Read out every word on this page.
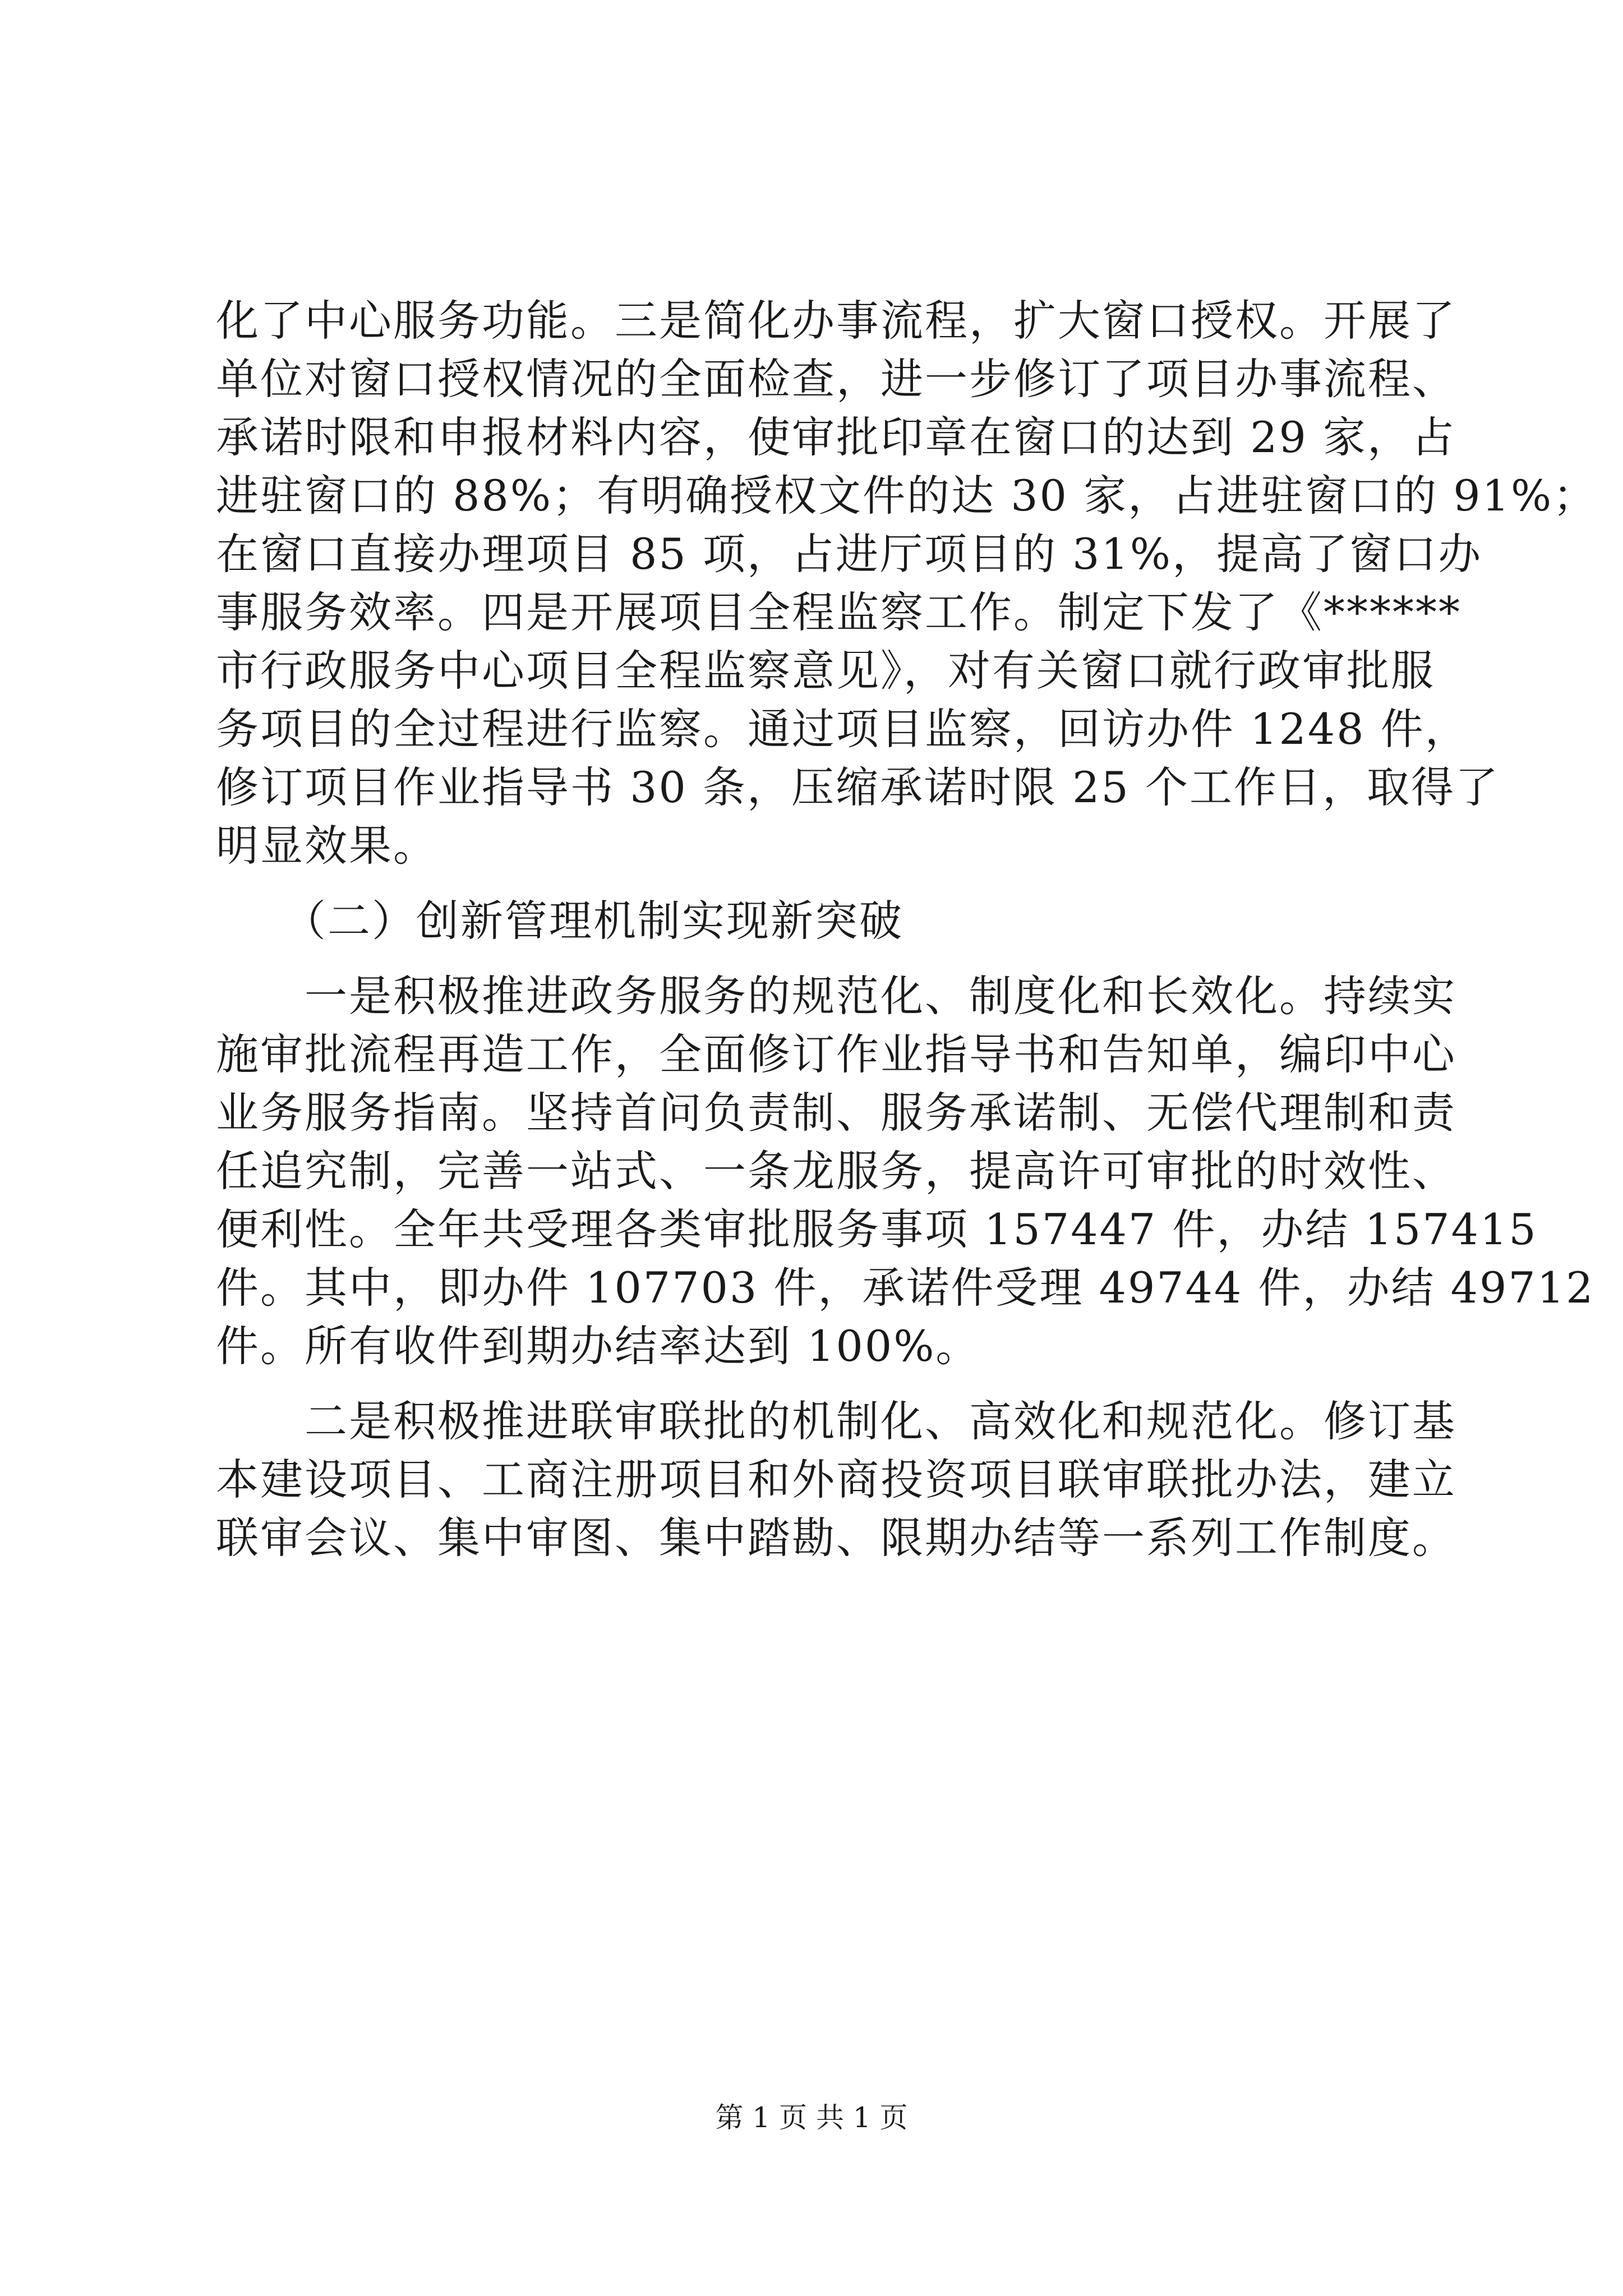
化了中心服务功能。三是简化办事流程，扩大窗口授权。开展了
单位对窗口授权情况的全面检查，进一步修订了项目办事流程、
承诺时限和申报材料内容，使审批印章在窗口的达到 29 家，占
进驻窗口的 88%；有明确授权文件的达 30 家，占进驻窗口的 91%；
在窗口直接办理项目 85 项，占进厅项目的 31%，提高了窗口办
事服务效率。四是开展项目全程监察工作。制定下发了《******
市行政服务中心项目全程监察意见》，对有关窗口就行政审批服
务项目的全过程进行监察。通过项目监察，回访办件 1248 件，
修订项目作业指导书 30 条，压缩承诺时限 25 个工作日，取得了
明显效果。
　　（二）创新管理机制实现新突破
　　一是积极推进政务服务的规范化、制度化和长效化。持续实
施审批流程再造工作，全面修订作业指导书和告知单，编印中心
业务服务指南。坚持首问负责制、服务承诺制、无偿代理制和责
任追究制，完善一站式、一条龙服务，提高许可审批的时效性、
便利性。全年共受理各类审批服务事项 157447 件，办结 157415
件。其中，即办件 107703 件，承诺件受理 49744 件，办结 49712
件。所有收件到期办结率达到 100%。
　　二是积极推进联审联批的机制化、高效化和规范化。修订基
本建设项目、工商注册项目和外商投资项目联审联批办法，建立
联审会议、集中审图、集中踏勘、限期办结等一系列工作制度。
第 1 页 共 1 页
